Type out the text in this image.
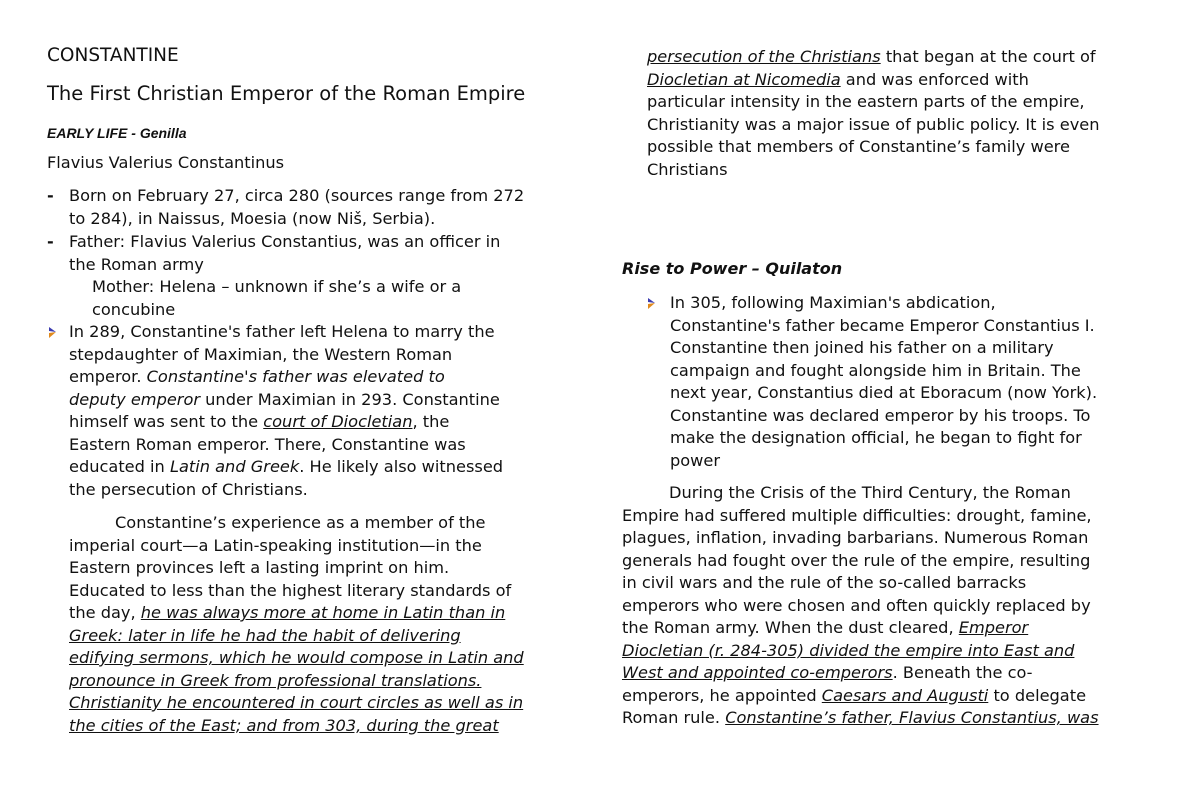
CONSTANTINE
The First Christian Emperor of the Roman Empire
EARLY LIFE - Genilla
Flavius Valerius Constantinus
- Born on February 27, circa 280 (sources range from 272
to 284), in Naissus, Moesia (now Niš, Serbia).
- Father: Flavius Valerius Constantius, was an officer in
the Roman army
Mother: Helena – unknown if she’s a wife or a
concubine
In 289, Constantine's father left Helena to marry the
stepdaughter of Maximian, the Western Roman
emperor. Constantine's father was elevated to
deputy emperor under Maximian in 293. Constantine
himself was sent to the court of Diocletian, the
Eastern Roman emperor. There, Constantine was
educated in Latin and Greek. He likely also witnessed
the persecution of Christians.
Constantine’s experience as a member of the
imperial court—a Latin-speaking institution—in the
Eastern provinces left a lasting imprint on him.
Educated to less than the highest literary standards of
the day, he was always more at home in Latin than in
Greek: later in life he had the habit of delivering
edifying sermons, which he would compose in Latin and
pronounce in Greek from professional translations.
Christianity he encountered in court circles as well as in
the cities of the East; and from 303, during the great
persecution of the Christians that began at the court of
Diocletian at Nicomedia and was enforced with
particular intensity in the eastern parts of the empire,
Christianity was a major issue of public policy. It is even
possible that members of Constantine’s family were
Christians
Rise to Power – Quilaton
In 305, following Maximian's abdication,
Constantine's father became Emperor Constantius I.
Constantine then joined his father on a military
campaign and fought alongside him in Britain. The
next year, Constantius died at Eboracum (now York).
Constantine was declared emperor by his troops. To
make the designation official, he began to fight for
power
During the Crisis of the Third Century, the Roman
Empire had suffered multiple difficulties: drought, famine,
plagues, inflation, invading barbarians. Numerous Roman
generals had fought over the rule of the empire, resulting
in civil wars and the rule of the so-called barracks
emperors who were chosen and often quickly replaced by
the Roman army. When the dust cleared, Emperor
Diocletian (r. 284-305) divided the empire into East and
West and appointed co-emperors. Beneath the co-
emperors, he appointed Caesars and Augusti to delegate
Roman rule. Constantine’s father, Flavius Constantius, was
